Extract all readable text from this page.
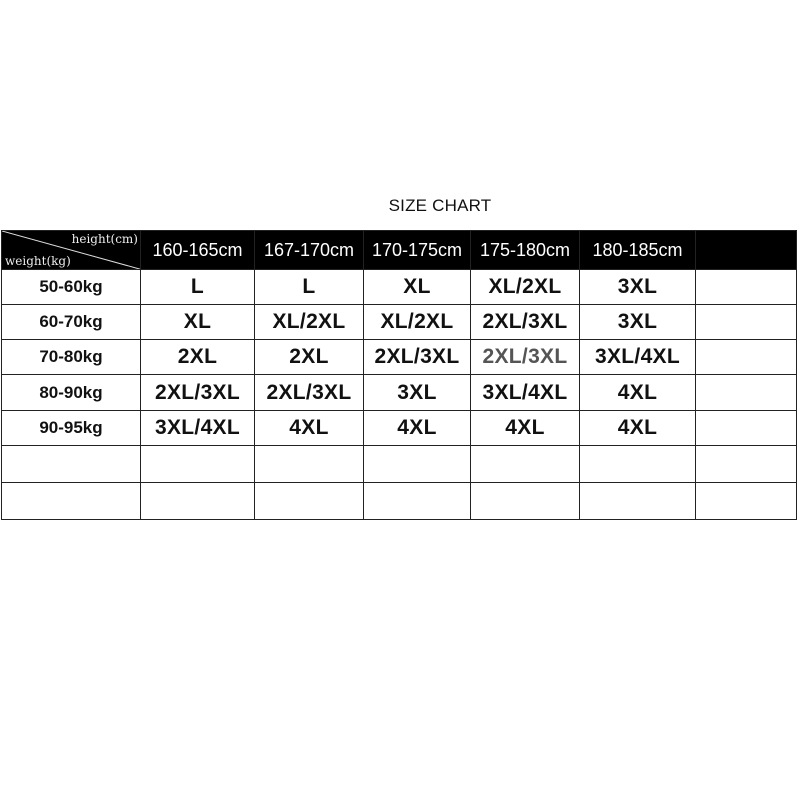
SIZE CHART
height(cm)
weight(kg)	160-165cm	167-170cm	170-175cm	175-180cm	180-185cm	
50-60kg	L	L	XL	XL/2XL	3XL	
60-70kg	XL	XL/2XL	XL/2XL	2XL/3XL	3XL	
70-80kg	2XL	2XL	2XL/3XL	2XL/3XL	3XL/4XL	
80-90kg	2XL/3XL	2XL/3XL	3XL	3XL/4XL	4XL	
90-95kg	3XL/4XL	4XL	4XL	4XL	4XL	
